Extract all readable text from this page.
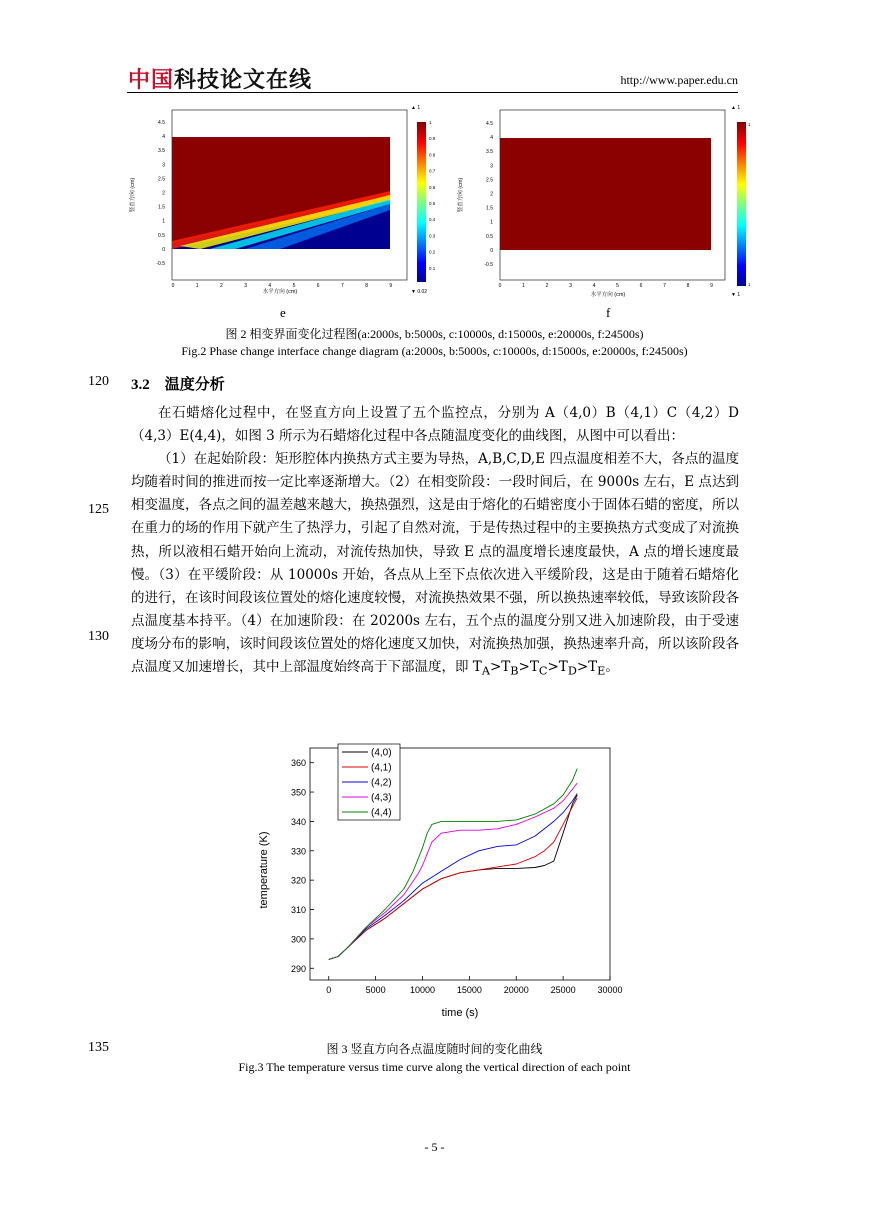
中国科技论文在线	http://www.paper.edu.cn
4.5
4
3.5
3
2.5
2
1.5
1
0.5
0
-0.5
0	1	2	3	4	5	6	7	8	9
竖直方向 (cm)
水平方向 (cm)
▲ 1
▼ 0.02
1
0.9
0.8
0.7
0.6
0.5
0.4
0.3
0.2
0.1
4.5
4
3.5
3
2.5
2
1.5
1
0.5
0
-0.5
0	1	2	3	4	5	6	7	8	9
竖直方向 (cm)
水平方向 (cm)
▲ 1
▼ 1
1
1
e	f
图 2 相变界面变化过程图(a:2000s, b:5000s, c:10000s, d:15000s, e:20000s, f:24500s)
Fig.2 Phase change interface change diagram (a:2000s, b:5000s, c:10000s, d:15000s, e:20000s, f:24500s)
120
125
130
135
3.2 温度分析

在石蜡熔化过程中，在竖直方向上设置了五个监控点，分别为 A（4,0）B（4,1）C（4,2）D（4,3）E(4,4)，如图 3 所示为石蜡熔化过程中各点随温度变化的曲线图，从图中可以看出：

（1）在起始阶段：矩形腔体内换热方式主要为导热，A,B,C,D,E 四点温度相差不大，各点的温度均随着时间的推进而按一定比率逐渐增大。（2）在相变阶段：一段时间后，在 9000s 左右，E 点达到相变温度，各点之间的温差越来越大，换热强烈，这是由于熔化的石蜡密度小于固体石蜡的密度，所以在重力的场的作用下就产生了热浮力，引起了自然对流，于是传热过程中的主要换热方式变成了对流换热，所以液相石蜡开始向上流动，对流传热加快，导致 E 点的温度增长速度最快，A 点的增长速度最慢。（3）在平缓阶段：从 10000s 开始，各点从上至下点依次进入平缓阶段，这是由于随着石蜡熔化的进行，在该时间段该位置处的熔化速度较慢，对流换热效果不强，所以换热速率较低，导致该阶段各点温度基本持平。（4）在加速阶段：在 20200s 左右，五个点的温度分别又进入加速阶段，由于受速度场分布的影响，该时间段该位置处的熔化速度又加快，对流换热加强，换热速率升高，所以该阶段各点温度又加速增长，其中上部温度始终高于下部温度，即 $T_A>T_B>T_C>T_D>T_E$。

290
300
310
320
330
340
350
360
0	5000	10000 15000 20000 25000 30000
(4,0)
(4,1)
(4,2)
(4,3)
(4,4)
temperature (K)
time (s)
图 3 竖直方向各点温度随时间的变化曲线
Fig.3 The temperature versus time curve along the vertical direction of each point
- 5 -
